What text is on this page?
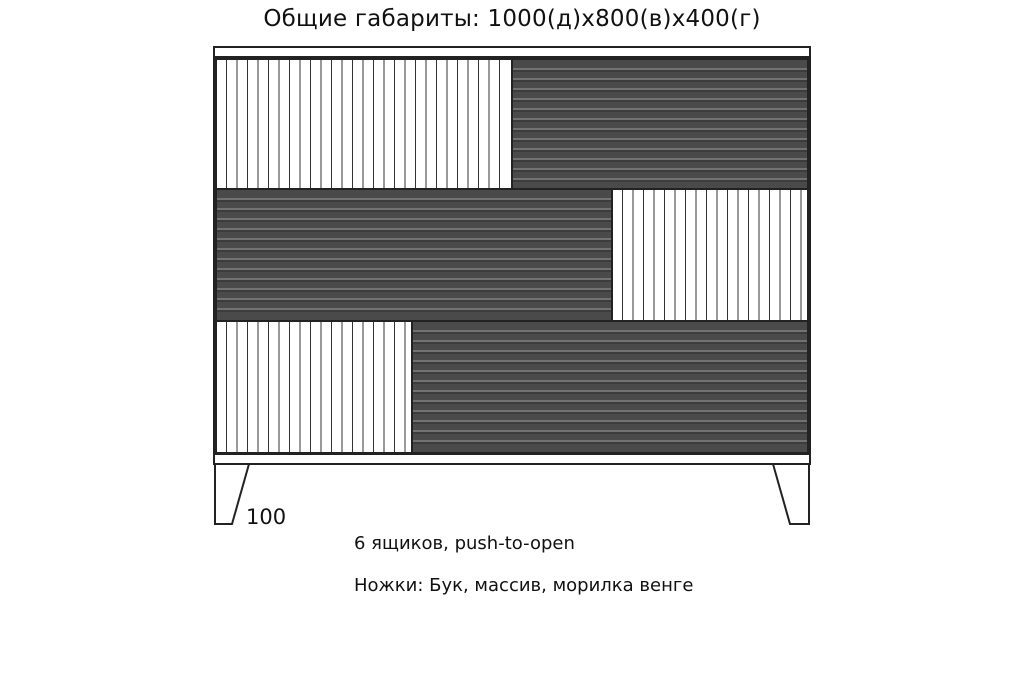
Общие габариты: 1000(д)x800(в)x400(г)
100
6 ящиков, push-to-open
Ножки: Бук, массив, морилка венге
